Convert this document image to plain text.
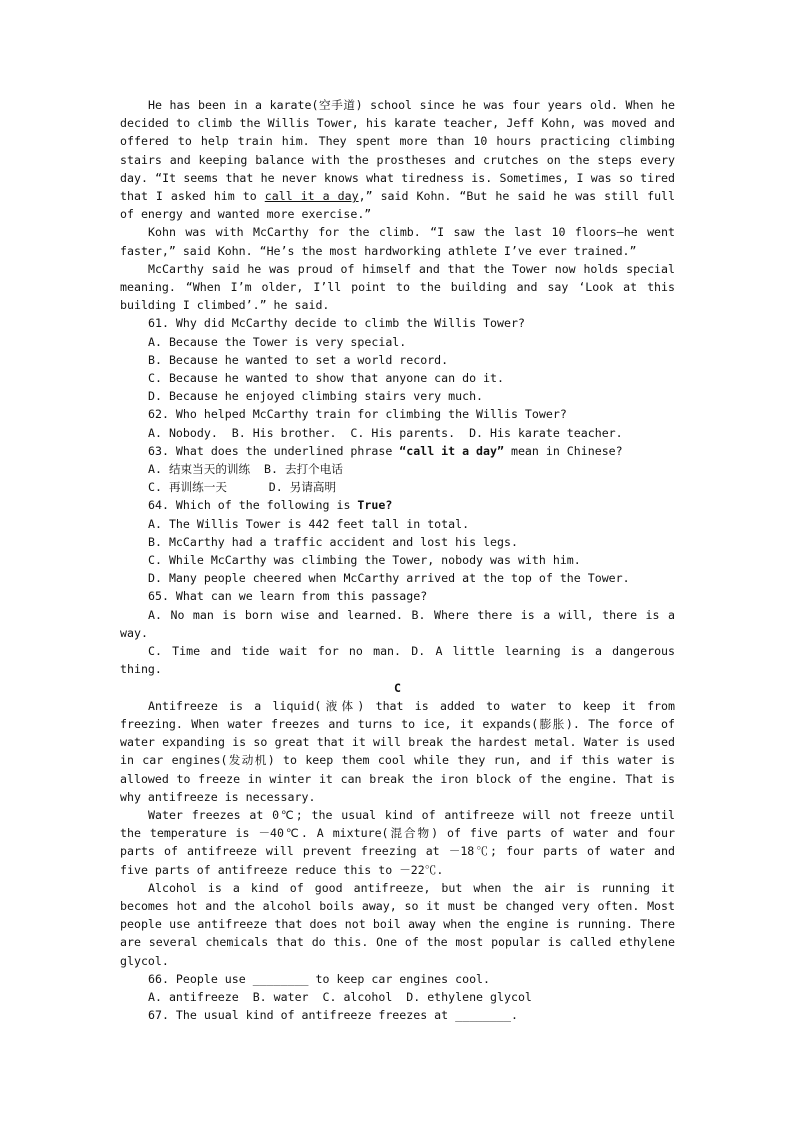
He has been in a karate(空手道) school since he was four years old. When he decided to climb the Willis Tower, his karate teacher, Jeff Kohn, was moved and offered to help train him. They spent more than 10 hours practicing climbing stairs and keeping balance with the prostheses and crutches on the steps every day. “It seems that he never knows what tiredness is. Sometimes, I was so tired that I asked him to call it a day,” said Kohn. “But he said he was still full of energy and wanted more exercise.”

Kohn was with McCarthy for the climb. “I saw the last 10 floors—he went faster,” said Kohn. “He’s the most hardworking athlete I’ve ever trained.”

McCarthy said he was proud of himself and that the Tower now holds special meaning. “When I’m older, I’ll point to the building and say ‘Look at this building I climbed’.” he said.

61. Why did McCarthy decide to climb the Willis Tower?

A. Because the Tower is very special.

B. Because he wanted to set a world record.

C. Because he wanted to show that anyone can do it.

D. Because he enjoyed climbing stairs very much.

62. Who helped McCarthy train for climbing the Willis Tower?

A. Nobody.  B. His brother.  C. His parents.  D. His karate teacher.

63. What does the underlined phrase “call it a day” mean in Chinese?

A. 结束当天的训练  B. 去打个电话

C. 再训练一天      D. 另请高明

64. Which of the following is True?

A. The Willis Tower is 442 feet tall in total.

B. McCarthy had a traffic accident and lost his legs.

C. While McCarthy was climbing the Tower, nobody was with him.

D. Many people cheered when McCarthy arrived at the top of the Tower.

65. What can we learn from this passage?

A. No man is born wise and learned. B. Where there is a will, there is a way.

C. Time and tide wait for no man. D. A little learning is a dangerous thing.

C

Antifreeze is a liquid(液体) that is added to water to keep it from freezing. When water freezes and turns to ice, it expands(膨胀). The force of water expanding is so great that it will break the hardest metal. Water is used in car engines(发动机) to keep them cool while they run, and if this water is allowed to freeze in winter it can break the iron block of the engine. That is why antifreeze is necessary.

Water freezes at 0℃; the usual kind of antifreeze will not freeze until the temperature is －40℃. A mixture(混合物) of five parts of water and four parts of antifreeze will prevent freezing at －18℃; four parts of water and five parts of antifreeze reduce this to －22℃.

Alcohol is a kind of good antifreeze, but when the air is running it becomes hot and the alcohol boils away, so it must be changed very often. Most people use antifreeze that does not boil away when the engine is running. There are several chemicals that do this. One of the most popular is called ethylene glycol.

66. People use ________ to keep car engines cool.

A. antifreeze  B. water  C. alcohol  D. ethylene glycol

67. The usual kind of antifreeze freezes at ________.
